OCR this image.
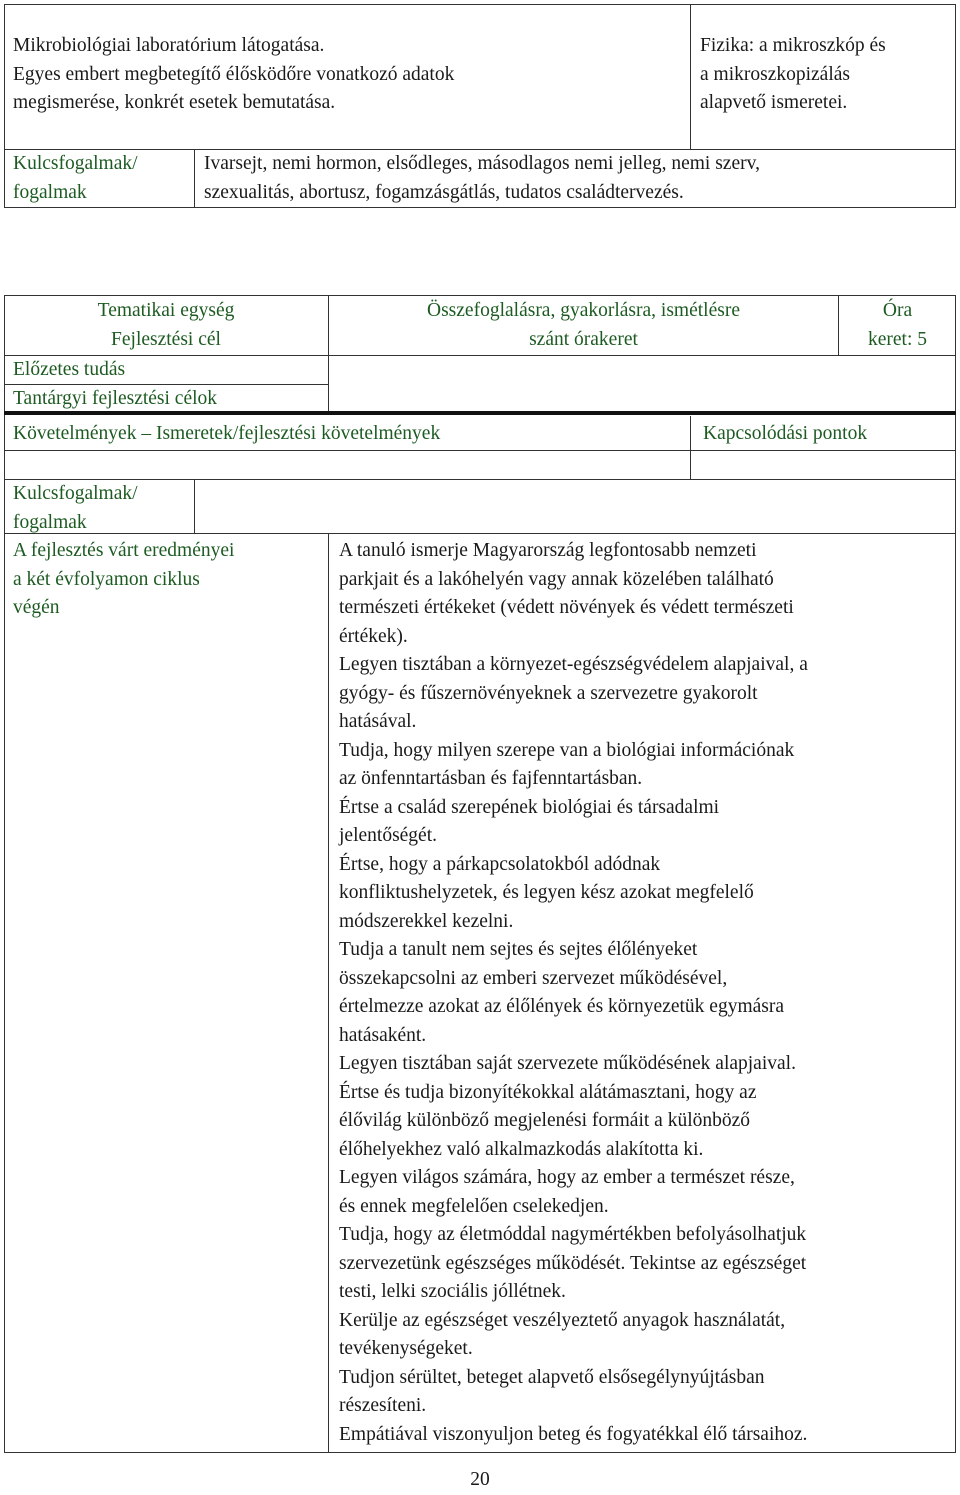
Mikrobiológiai laboratórium látogatása.
Egyes embert megbetegítő élősködőre vonatkozó adatok
megismerése, konkrét esetek bemutatása.
Fizika: a mikroszkóp és
a mikroszkopizálás
alapvető ismeretei.
Kulcsfogalmak/
fogalmak
Ivarsejt, nemi hormon, elsődleges, másodlagos nemi jelleg, nemi szerv,
szexualitás, abortusz, fogamzásgátlás, tudatos családtervezés.
Tematikai egység
Fejlesztési cél
Összefoglalásra, gyakorlásra, ismétlésre
szánt órakeret
Óra
keret: 5
Előzetes tudás
Tantárgyi fejlesztési célok
Követelmények – Ismeretek/fejlesztési követelmények	Kapcsolódási pontok
Kulcsfogalmak/
fogalmak
A fejlesztés várt eredményei
a két évfolyamon ciklus
végén
A tanuló ismerje Magyarország legfontosabb nemzeti
parkjait és a lakóhelyén vagy annak közelében található
természeti értékeket (védett növények és védett természeti
értékek).
Legyen tisztában a környezet-egészségvédelem alapjaival, a
gyógy- és fűszernövényeknek a szervezetre gyakorolt
hatásával.
Tudja, hogy milyen szerepe van a biológiai információnak
az önfenntartásban és fajfenntartásban.
Értse a család szerepének biológiai és társadalmi
jelentőségét.
Értse, hogy a párkapcsolatokból adódnak
konfliktushelyzetek, és legyen kész azokat megfelelő
módszerekkel kezelni.
Tudja a tanult nem sejtes és sejtes élőlényeket
összekapcsolni az emberi szervezet működésével,
értelmezze azokat az élőlények és környezetük egymásra
hatásaként.
Legyen tisztában saját szervezete működésének alapjaival.
Értse és tudja bizonyítékokkal alátámasztani, hogy az
élővilág különböző megjelenési formáit a különböző
élőhelyekhez való alkalmazkodás alakította ki.
Legyen világos számára, hogy az ember a természet része,
és ennek megfelelően cselekedjen.
Tudja, hogy az életmóddal nagymértékben befolyásolhatjuk
szervezetünk egészséges működését. Tekintse az egészséget
testi, lelki szociális jóllétnek.
Kerülje az egészséget veszélyeztető anyagok használatát,
tevékenységeket.
Tudjon sérültet, beteget alapvető elsősegélynyújtásban
részesíteni.
Empátiával viszonyuljon beteg és fogyatékkal élő társaihoz.
20
